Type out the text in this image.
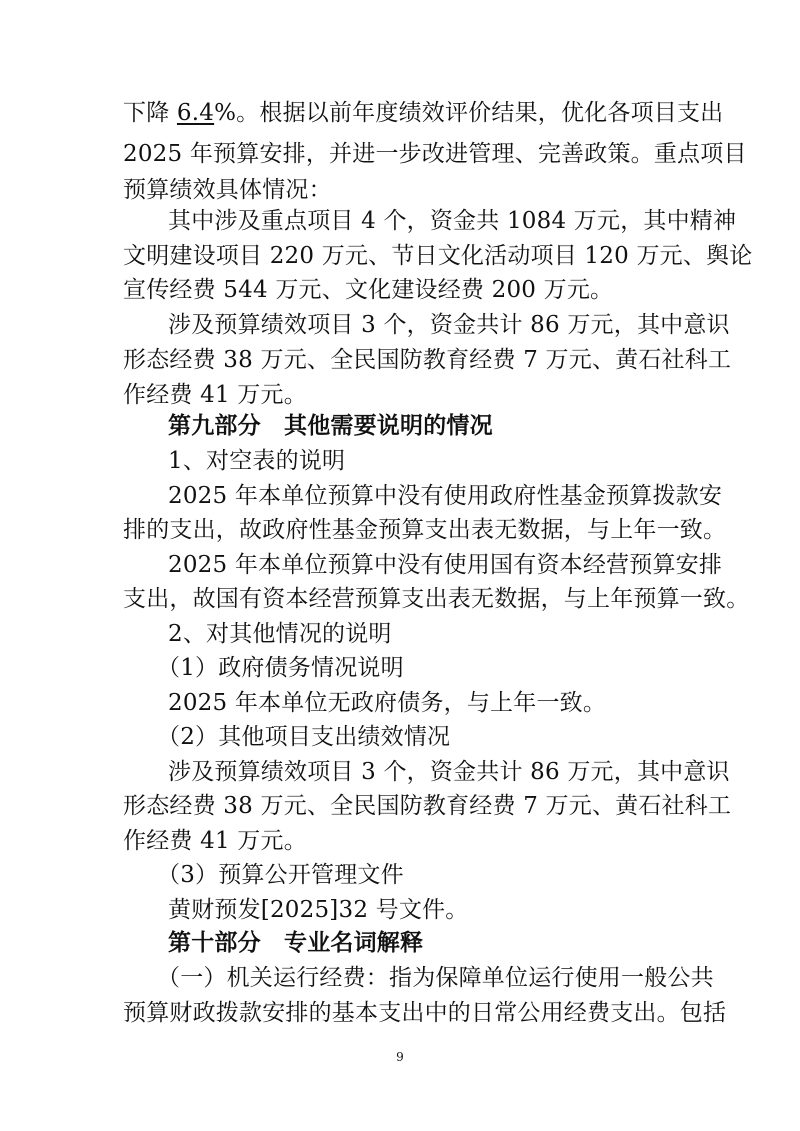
下降 6.4%。根据以前年度绩效评价结果，优化各项目支出
2025 年预算安排，并进一步改进管理、完善政策。重点项目
预算绩效具体情况：
其中涉及重点项目 4 个，资金共 1084 万元，其中精神
文明建设项目 220 万元、节日文化活动项目 120 万元、舆论
宣传经费 544 万元、文化建设经费 200 万元。
涉及预算绩效项目 3 个，资金共计 86 万元，其中意识
形态经费 38 万元、全民国防教育经费 7 万元、黄石社科工
作经费 41 万元。
第九部分　其他需要说明的情况
1、对空表的说明
2025 年本单位预算中没有使用政府性基金预算拨款安
排的支出，故政府性基金预算支出表无数据，与上年一致。
2025 年本单位预算中没有使用国有资本经营预算安排
支出，故国有资本经营预算支出表无数据，与上年预算一致。
2、对其他情况的说明
（1）政府债务情况说明
2025 年本单位无政府债务，与上年一致。
（2）其他项目支出绩效情况
涉及预算绩效项目 3 个，资金共计 86 万元，其中意识
形态经费 38 万元、全民国防教育经费 7 万元、黄石社科工
作经费 41 万元。
（3）预算公开管理文件
黄财预发[2025]32 号文件。
9
第十部分　专业名词解释
（一）机关运行经费：指为保障单位运行使用一般公共
预算财政拨款安排的基本支出中的日常公用经费支出。包括
